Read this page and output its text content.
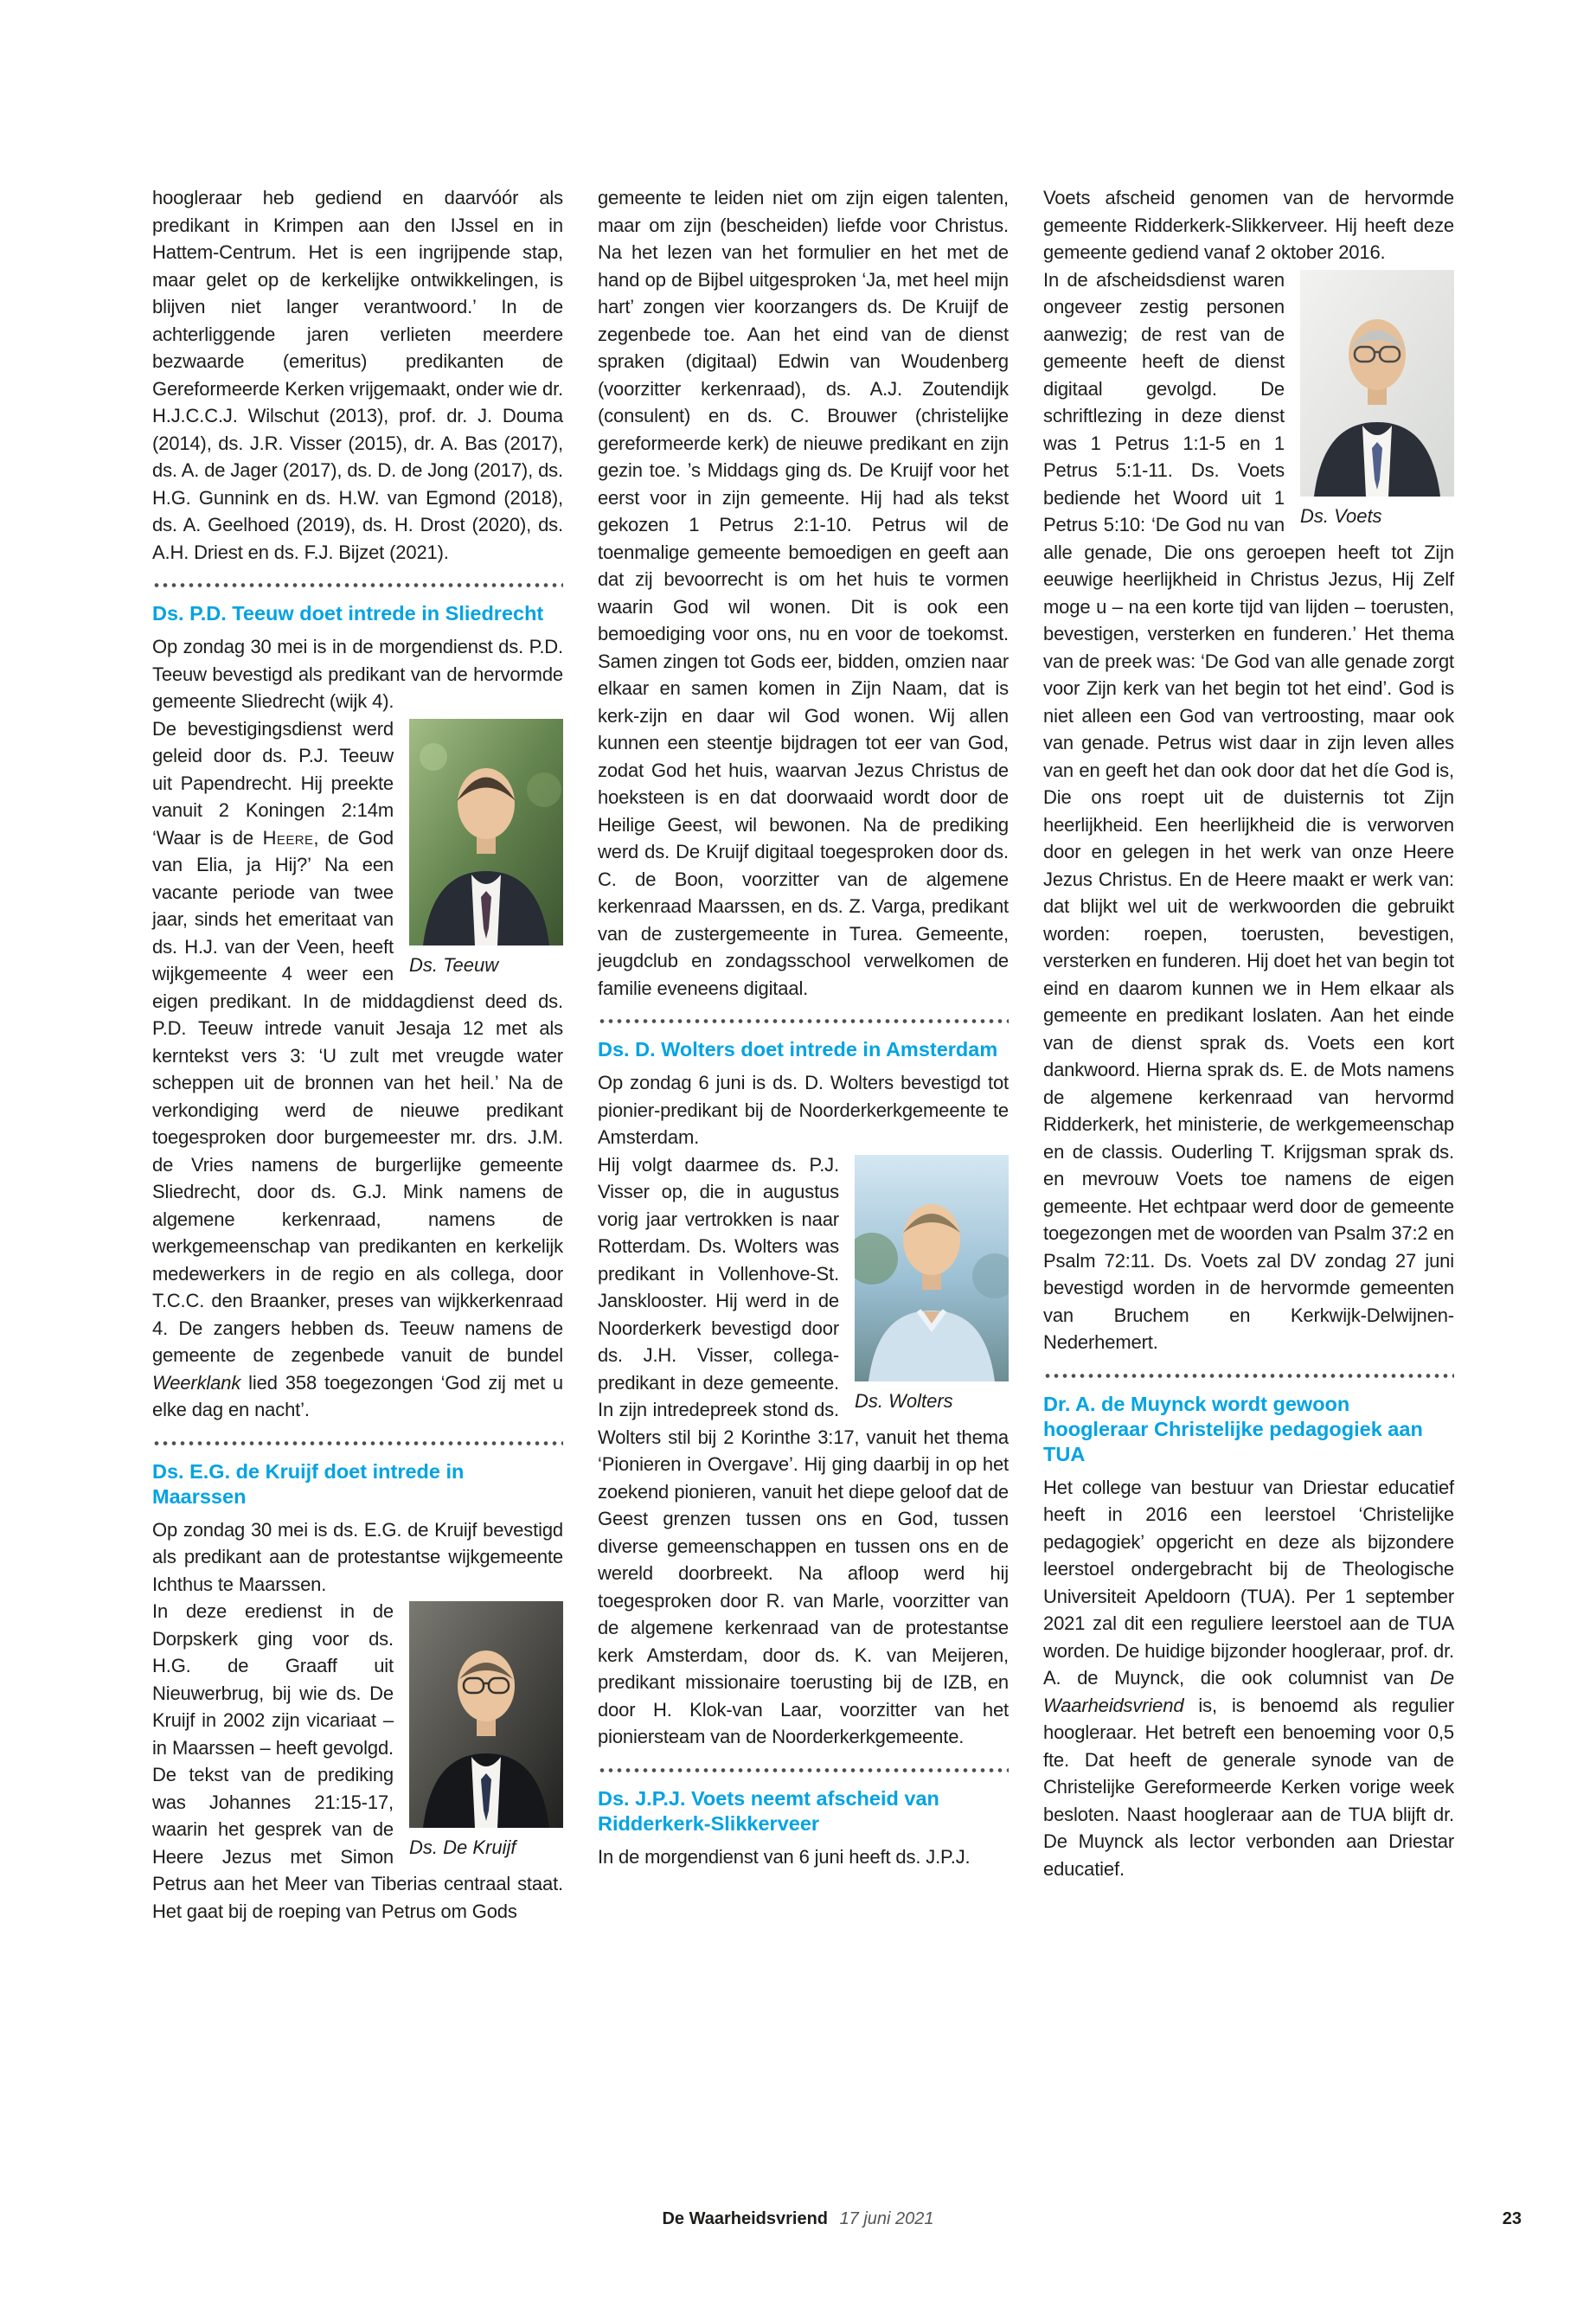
hoogleraar heb gediend en daarvóór als predikant in Krimpen aan den IJssel en in Hattem-Centrum. Het is een ingrijpende stap, maar gelet op de kerkelijke ontwikkelingen, is blijven niet langer verantwoord.’ In de achterliggende jaren verlieten meerdere bezwaarde (emeritus) predikanten de Gereformeerde Kerken vrijgemaakt, onder wie dr. H.J.C.C.J. Wilschut (2013), prof. dr. J. Douma (2014), ds. J.R. Visser (2015), dr. A. Bas (2017), ds. A. de Jager (2017), ds. D. de Jong (2017), ds. H.G. Gunnink en ds. H.W. van Egmond (2018), ds. A. Geelhoed (2019), ds. H. Drost (2020), ds. A.H. Driest en ds. F.J. Bijzet (2021).

Ds. P.D. Teeuw doet intrede in Sliedrecht

Op zondag 30 mei is in de morgendienst ds. P.D. Teeuw bevestigd als predikant van de hervormde gemeente Sliedrecht (wijk 4).

Ds. Teeuw

De bevestigingsdienst werd geleid door ds. P.J. Teeuw uit Papendrecht. Hij preekte vanuit 2 Koningen 2:14m ‘Waar is de Heere, de God van Elia, ja Hij?’ Na een vacante periode van twee jaar, sinds het emeritaat van ds. H.J. van der Veen, heeft wijkgemeente 4 weer een eigen predikant. In de middagdienst deed ds. P.D. Teeuw intrede vanuit Jesaja 12 met als kerntekst vers 3: ‘U zult met vreugde water scheppen uit de bronnen van het heil.’ Na de verkondiging werd de nieuwe predikant toegesproken door burgemeester mr. drs. J.M. de Vries namens de burgerlijke gemeente Sliedrecht, door ds. G.J. Mink namens de algemene kerkenraad, namens de werkgemeenschap van predikanten en kerkelijk medewerkers in de regio en als collega, door T.C.C. den Braanker, preses van wijkkerkenraad 4. De zangers hebben ds. Teeuw namens de gemeente de zegenbede vanuit de bundel Weerklank lied 358 toegezongen ‘God zij met u elke dag en nacht’.

Ds. E.G. de Kruijf doet intrede in Maarssen

Op zondag 30 mei is ds. E.G. de Kruijf bevestigd als predikant aan de protestantse wijkgemeente Ichthus te Maarssen.

Ds. De Kruijf

In deze eredienst in de Dorpskerk ging voor ds. H.G. de Graaff uit Nieuwerbrug, bij wie ds. De Kruijf in 2002 zijn vicariaat – in Maarssen – heeft gevolgd. De tekst van de prediking was Johannes 21:15-17, waarin het gesprek van de Heere Jezus met Simon Petrus aan het Meer van Tiberias centraal staat. Het gaat bij de roeping van Petrus om Gods

gemeente te leiden niet om zijn eigen talenten, maar om zijn (bescheiden) liefde voor Christus. Na het lezen van het formulier en het met de hand op de Bijbel uitgesproken ‘Ja, met heel mijn hart’ zongen vier koorzangers ds. De Kruijf de zegenbede toe. Aan het eind van de dienst spraken (digitaal) Edwin van Woudenberg (voorzitter kerkenraad), ds. A.J. Zoutendijk (consulent) en ds. C. Brouwer (christelijke gereformeerde kerk) de nieuwe predikant en zijn gezin toe. ’s Middags ging ds. De Kruijf voor het eerst voor in zijn gemeente. Hij had als tekst gekozen 1 Petrus 2:1-10. Petrus wil de toenmalige gemeente bemoedigen en geeft aan dat zij bevoorrecht is om het huis te vormen waarin God wil wonen. Dit is ook een bemoediging voor ons, nu en voor de toekomst. Samen zingen tot Gods eer, bidden, omzien naar elkaar en samen komen in Zijn Naam, dat is kerk-zijn en daar wil God wonen. Wij allen kunnen een steentje bijdragen tot eer van God, zodat God het huis, waarvan Jezus Christus de hoeksteen is en dat doorwaaid wordt door de Heilige Geest, wil bewonen. Na de prediking werd ds. De Kruijf digitaal toegesproken door ds. C. de Boon, voorzitter van de algemene kerkenraad Maarssen, en ds. Z. Varga, predikant van de zustergemeente in Turea. Gemeente, jeugdclub en zondagsschool verwelkomen de familie eveneens digitaal.

Ds. D. Wolters doet intrede in Amsterdam

Op zondag 6 juni is ds. D. Wolters bevestigd tot pionier-predikant bij de Noorderkerkgemeente te Amsterdam.

Ds. Wolters

Hij volgt daarmee ds. P.J. Visser op, die in augustus vorig jaar vertrokken is naar Rotterdam. Ds. Wolters was predikant in Vollenhove-St. Jansklooster. Hij werd in de Noorderkerk bevestigd door ds. J.H. Visser, collega-predikant in deze gemeente. In zijn intredepreek stond ds. Wolters stil bij 2 Korinthe 3:17, vanuit het thema ‘Pionieren in Overgave’. Hij ging daarbij in op het zoekend pionieren, vanuit het diepe geloof dat de Geest grenzen tussen ons en God, tussen diverse gemeenschappen en tussen ons en de wereld doorbreekt. Na afloop werd hij toegesproken door R. van Marle, voorzitter van de algemene kerkenraad van de protestantse kerk Amsterdam, door ds. K. van Meijeren, predikant missionaire toerusting bij de IZB, en door H. Klok-van Laar, voorzitter van het pioniersteam van de Noorderkerkgemeente.

Ds. J.P.J. Voets neemt afscheid van Ridderkerk-Slikkerveer

In de morgendienst van 6 juni heeft ds. J.P.J.

Voets afscheid genomen van de hervormde gemeente Ridderkerk-Slikkerveer. Hij heeft deze gemeente gediend vanaf 2 oktober 2016.

Ds. Voets

In de afscheidsdienst waren ongeveer zestig personen aanwezig; de rest van de gemeente heeft de dienst digitaal gevolgd. De schriftlezing in deze dienst was 1 Petrus 1:1-5 en 1 Petrus 5:1-11. Ds. Voets bediende het Woord uit 1 Petrus 5:10: ‘De God nu van alle genade, Die ons geroepen heeft tot Zijn eeuwige heerlijkheid in Christus Jezus, Hij Zelf moge u – na een korte tijd van lijden – toerusten, bevestigen, versterken en funderen.’ Het thema van de preek was: ‘De God van alle genade zorgt voor Zijn kerk van het begin tot het eind’. God is niet alleen een God van vertroosting, maar ook van genade. Petrus wist daar in zijn leven alles van en geeft het dan ook door dat het díe God is, Die ons roept uit de duisternis tot Zijn heerlijkheid. Een heerlijkheid die is verworven door en gelegen in het werk van onze Heere Jezus Christus. En de Heere maakt er werk van: dat blijkt wel uit de werkwoorden die gebruikt worden: roepen, toerusten, bevestigen, versterken en funderen. Hij doet het van begin tot eind en daarom kunnen we in Hem elkaar als gemeente en predikant loslaten. Aan het einde van de dienst sprak ds. Voets een kort dankwoord. Hierna sprak ds. E. de Mots namens de algemene kerkenraad van hervormd Ridderkerk, het ministerie, de werkgemeenschap en de classis. Ouderling T. Krijgsman sprak ds. en mevrouw Voets toe namens de eigen gemeente. Het echtpaar werd door de gemeente toegezongen met de woorden van Psalm 37:2 en Psalm 72:11. Ds. Voets zal DV zondag 27 juni bevestigd worden in de hervormde gemeenten van Bruchem en Kerkwijk-Delwijnen-Nederhemert.

Dr. A. de Muynck wordt gewoon hoogleraar Christelijke pedagogiek aan TUA

Het college van bestuur van Driestar educatief heeft in 2016 een leerstoel ‘Christelijke pedagogiek’ opgericht en deze als bijzondere leerstoel ondergebracht bij de Theologische Universiteit Apeldoorn (TUA). Per 1 september 2021 zal dit een reguliere leerstoel aan de TUA worden. De huidige bijzonder hoogleraar, prof. dr. A. de Muynck, die ook columnist van De Waarheidsvriend is, is benoemd als regulier hoogleraar. Het betreft een benoeming voor 0,5 fte. Dat heeft de generale synode van de Christelijke Gereformeerde Kerken vorige week besloten. Naast hoogleraar aan de TUA blijft dr. De Muynck als lector verbonden aan Driestar educatief.

De Waarheidsvriend 17 juni 2021	23
